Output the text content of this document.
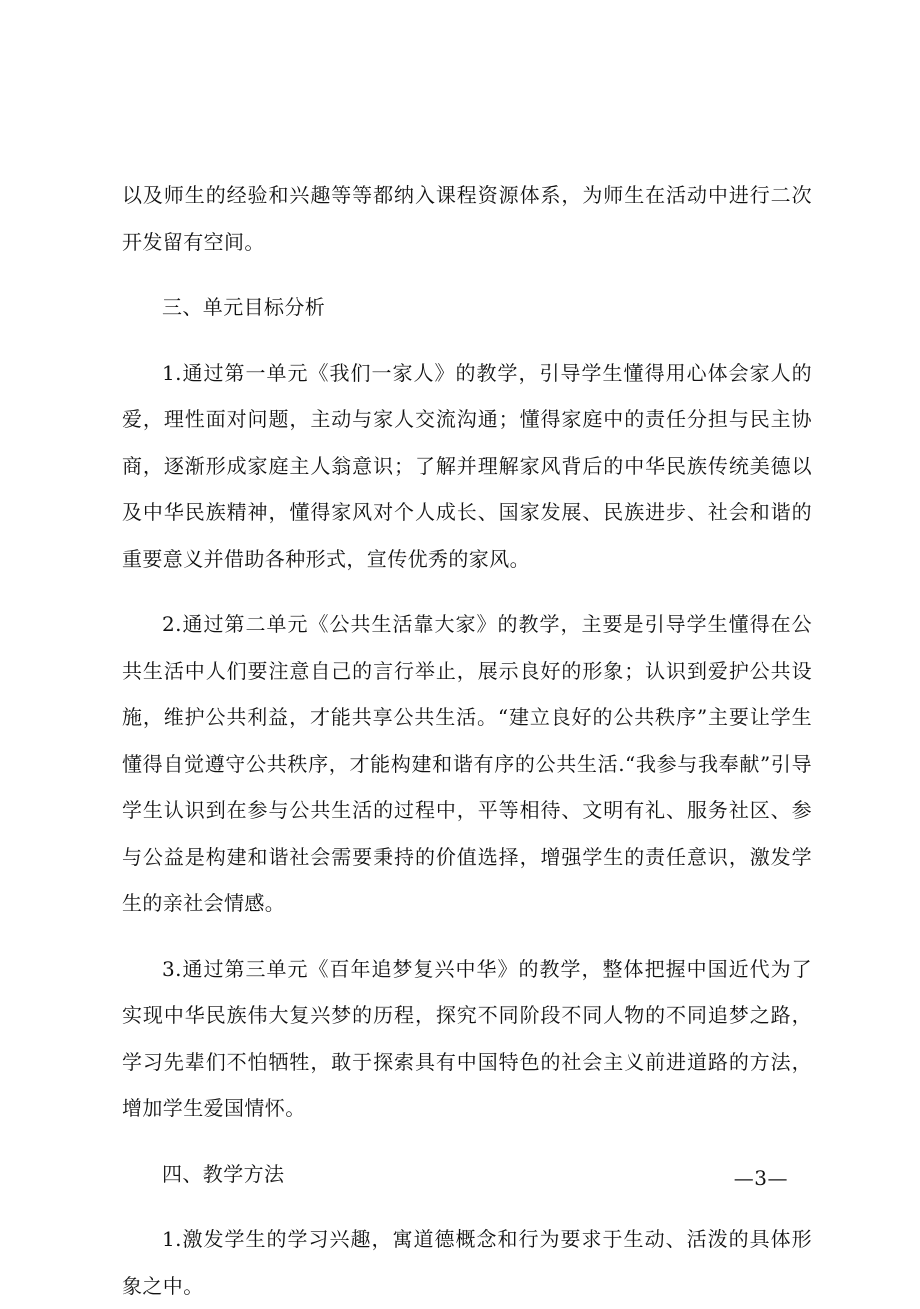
以及师生的经验和兴趣等等都纳入课程资源体系，为师生在活动中进行二次开发留有空间。

三、单元目标分析

1.通过第一单元《我们一家人》的教学，引导学生懂得用心体会家人的爱，理性面对问题，主动与家人交流沟通；懂得家庭中的责任分担与民主协商，逐渐形成家庭主人翁意识；了解并理解家风背后的中华民族传统美德以及中华民族精神，懂得家风对个人成长、国家发展、民族进步、社会和谐的重要意义并借助各种形式，宣传优秀的家风。

2.通过第二单元《公共生活靠大家》的教学，主要是引导学生懂得在公共生活中人们要注意自己的言行举止，展示良好的形象；认识到爱护公共设施，维护公共利益，才能共享公共生活。“建立良好的公共秩序”主要让学生懂得自觉遵守公共秩序，才能构建和谐有序的公共生活.“我参与我奉献”引导学生认识到在参与公共生活的过程中，平等相待、文明有礼、服务社区、参与公益是构建和谐社会需要秉持的价值选择，增强学生的责任意识，激发学生的亲社会情感。

3.通过第三单元《百年追梦复兴中华》的教学，整体把握中国近代为了实现中华民族伟大复兴梦的历程，探究不同阶段不同人物的不同追梦之路，学习先辈们不怕牺牲，敢于探索具有中国特色的社会主义前进道路的方法，增加学生爱国情怀。

四、教学方法

1.激发学生的学习兴趣，寓道德概念和行为要求于生动、活泼的具体形象之中。

—3—
